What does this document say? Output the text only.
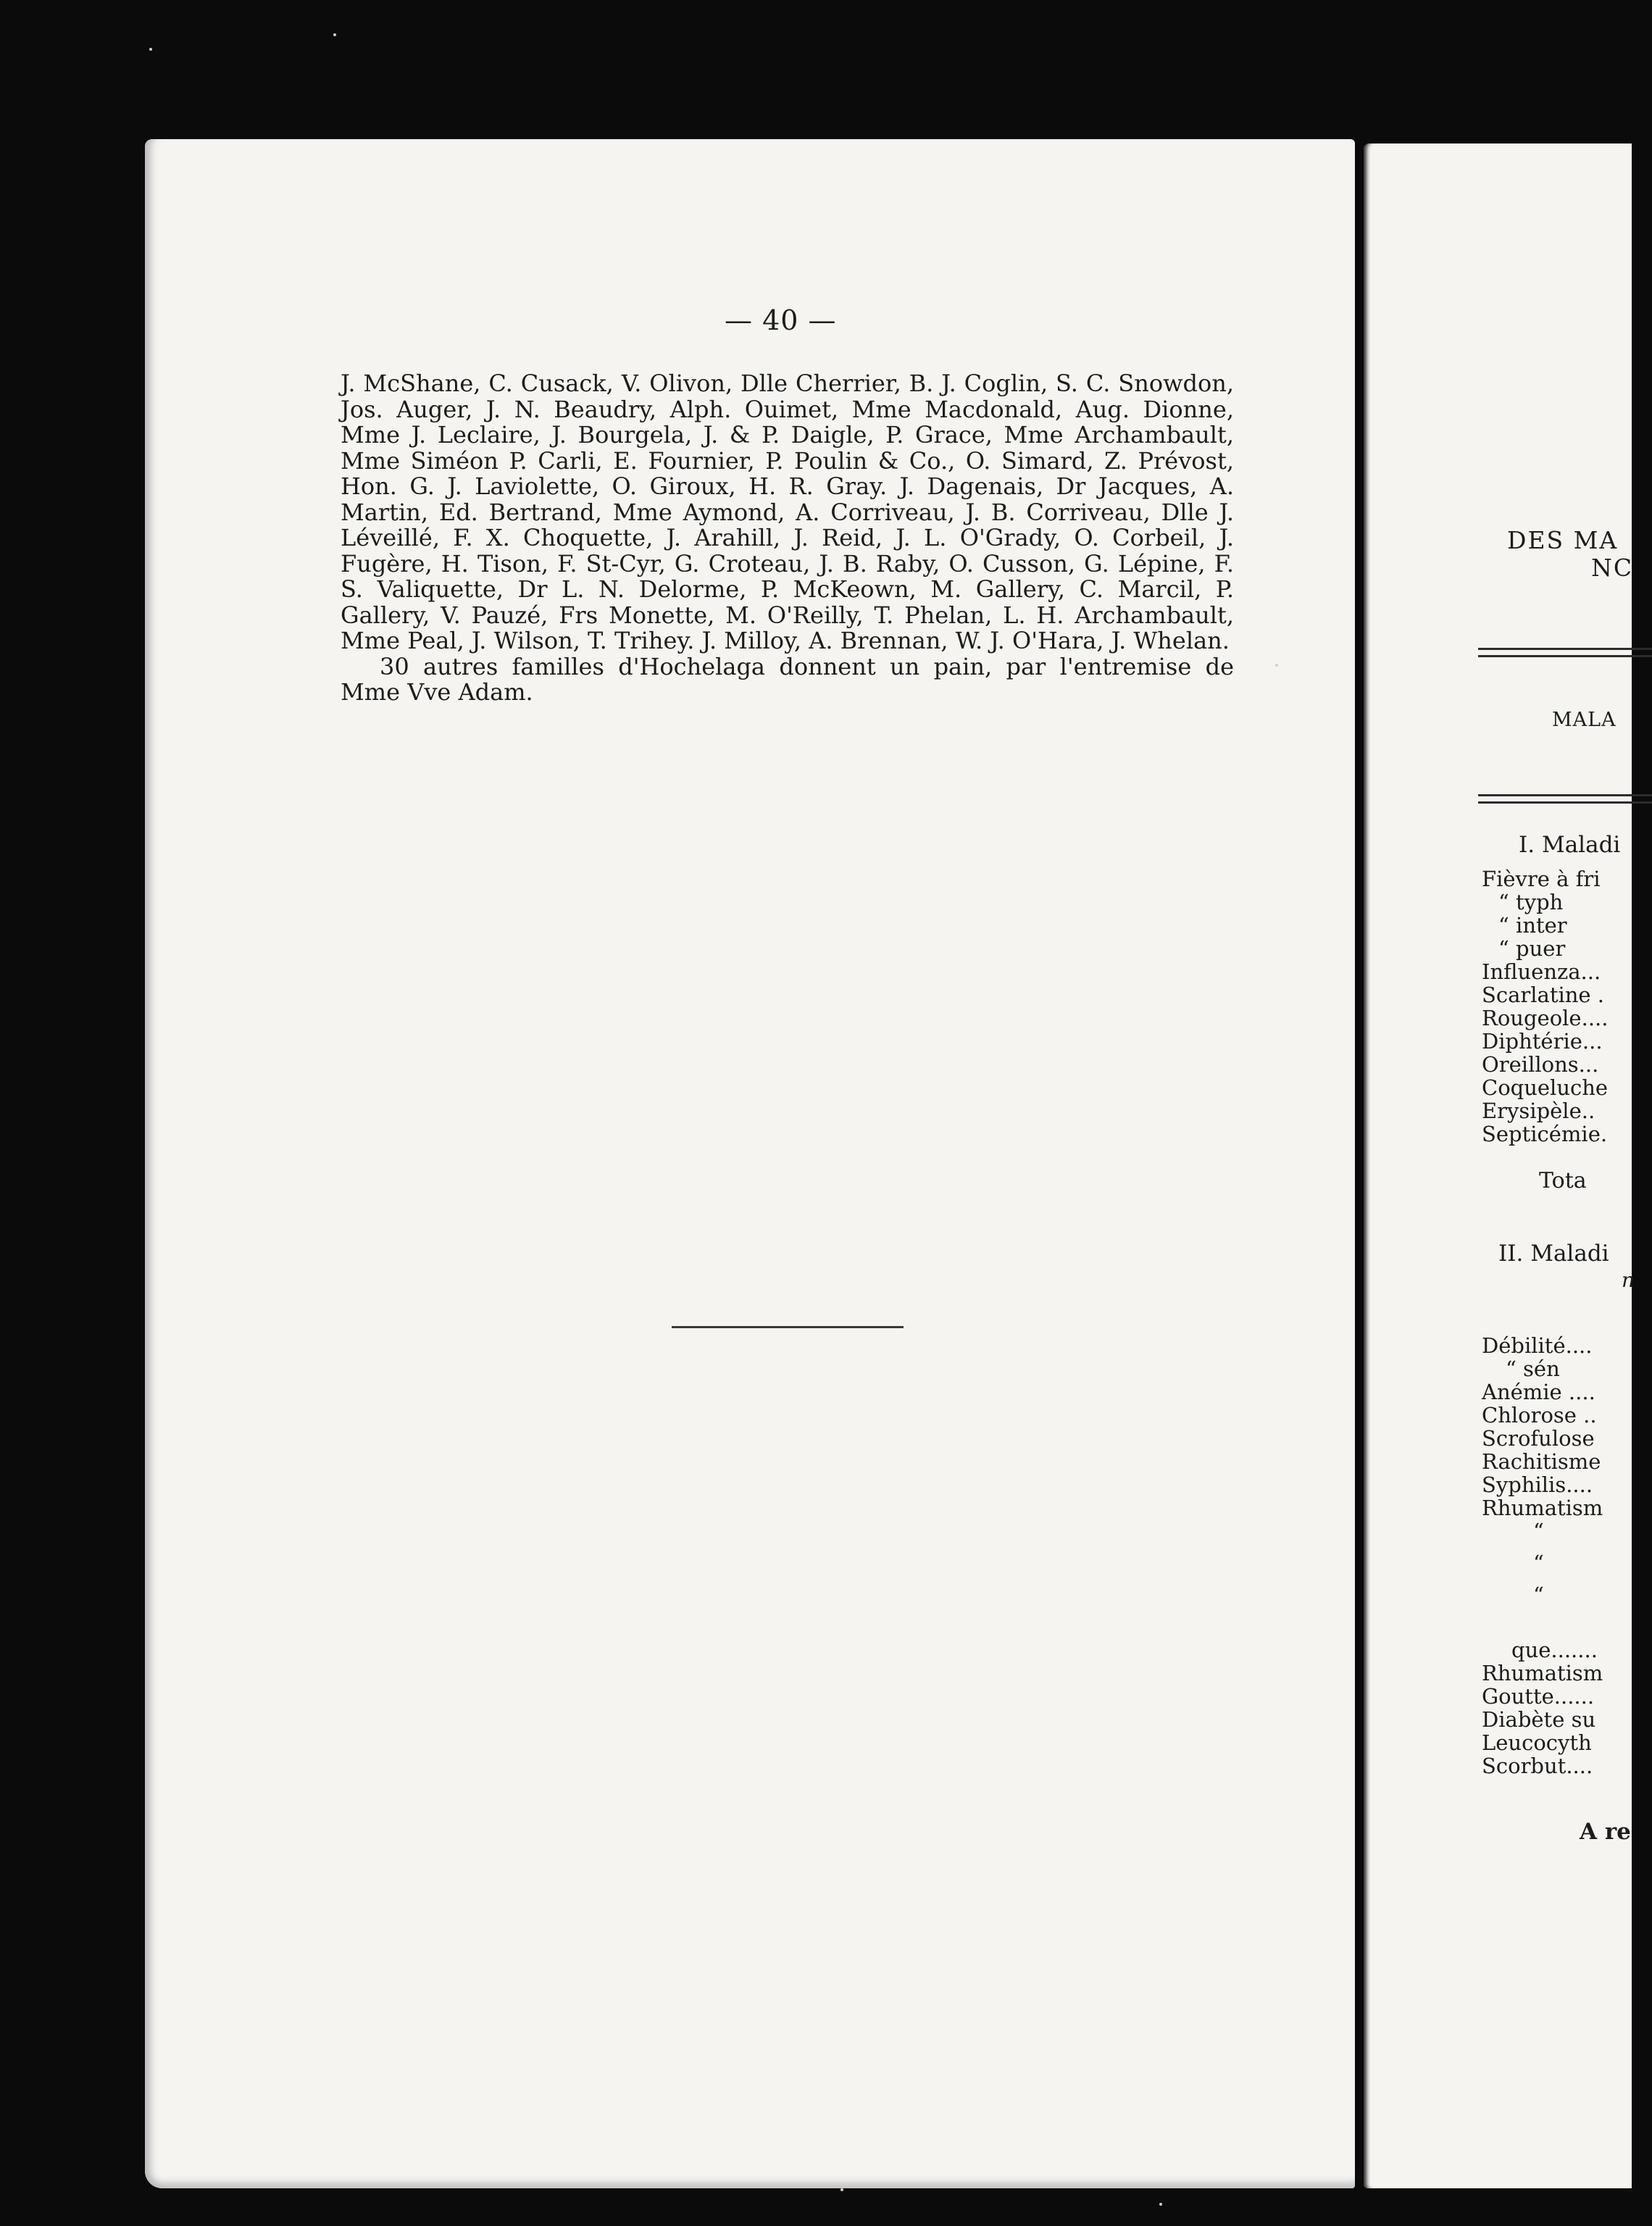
— 40 —

J. McShane, C. Cusack, V. Olivon, Dlle Cherrier, B. J. Coglin, S. C. Snowdon, Jos. Auger, J. N. Beaudry, Alph. Ouimet, Mme Macdonald, Aug. Dionne, Mme J. Leclaire, J. Bourgela, J. & P. Daigle, P. Grace, Mme Archambault, Mme Siméon P. Carli, E. Fournier, P. Poulin & Co., O. Simard, Z. Prévost, Hon. G. J. Laviolette, O. Giroux, H. R. Gray. J. Dagenais, Dr Jacques, A. Martin, Ed. Bertrand, Mme Aymond, A. Corriveau, J. B. Corriveau, Dlle J. Léveillé, F. X. Choquette, J. Arahill, J. Reid, J. L. O'Grady, O. Corbeil, J. Fugère, H. Tison, F. St-Cyr, G. Croteau, J. B. Raby, O. Cusson, G. Lépine, F. S. Valiquette, Dr L. N. Delorme, P. McKeown, M. Gallery, C. Marcil, P. Gallery, V. Pauzé, Frs Monette, M. O'Reilly, T. Phelan, L. H. Archambault, Mme Peal, J. Wilson, T. Trihey. J. Milloy, A. Brennan, W. J. O'Hara, J. Whelan.

30 autres familles d'Hochelaga donnent un pain, par l'entremise de Mme Vve Adam.

DES MA
NC
MALA
I. Maladi
Fièvre à fri
“ typh
“ inter
“ puer
Influenza...
Scarlatine .
Rougeole....
Diphtérie...
Oreillons...
Coqueluche
Erysipèle..
Septicémie.
Tota
II. Maladi
n
Débilité....
“ sén
Anémie ....
Chlorose ..
Scrofulose
Rachitisme
Syphilis....
Rhumatism
“
“
“
que.......
Rhumatism
Goutte......
Diabète su
Leucocyth
Scorbut....
A re
